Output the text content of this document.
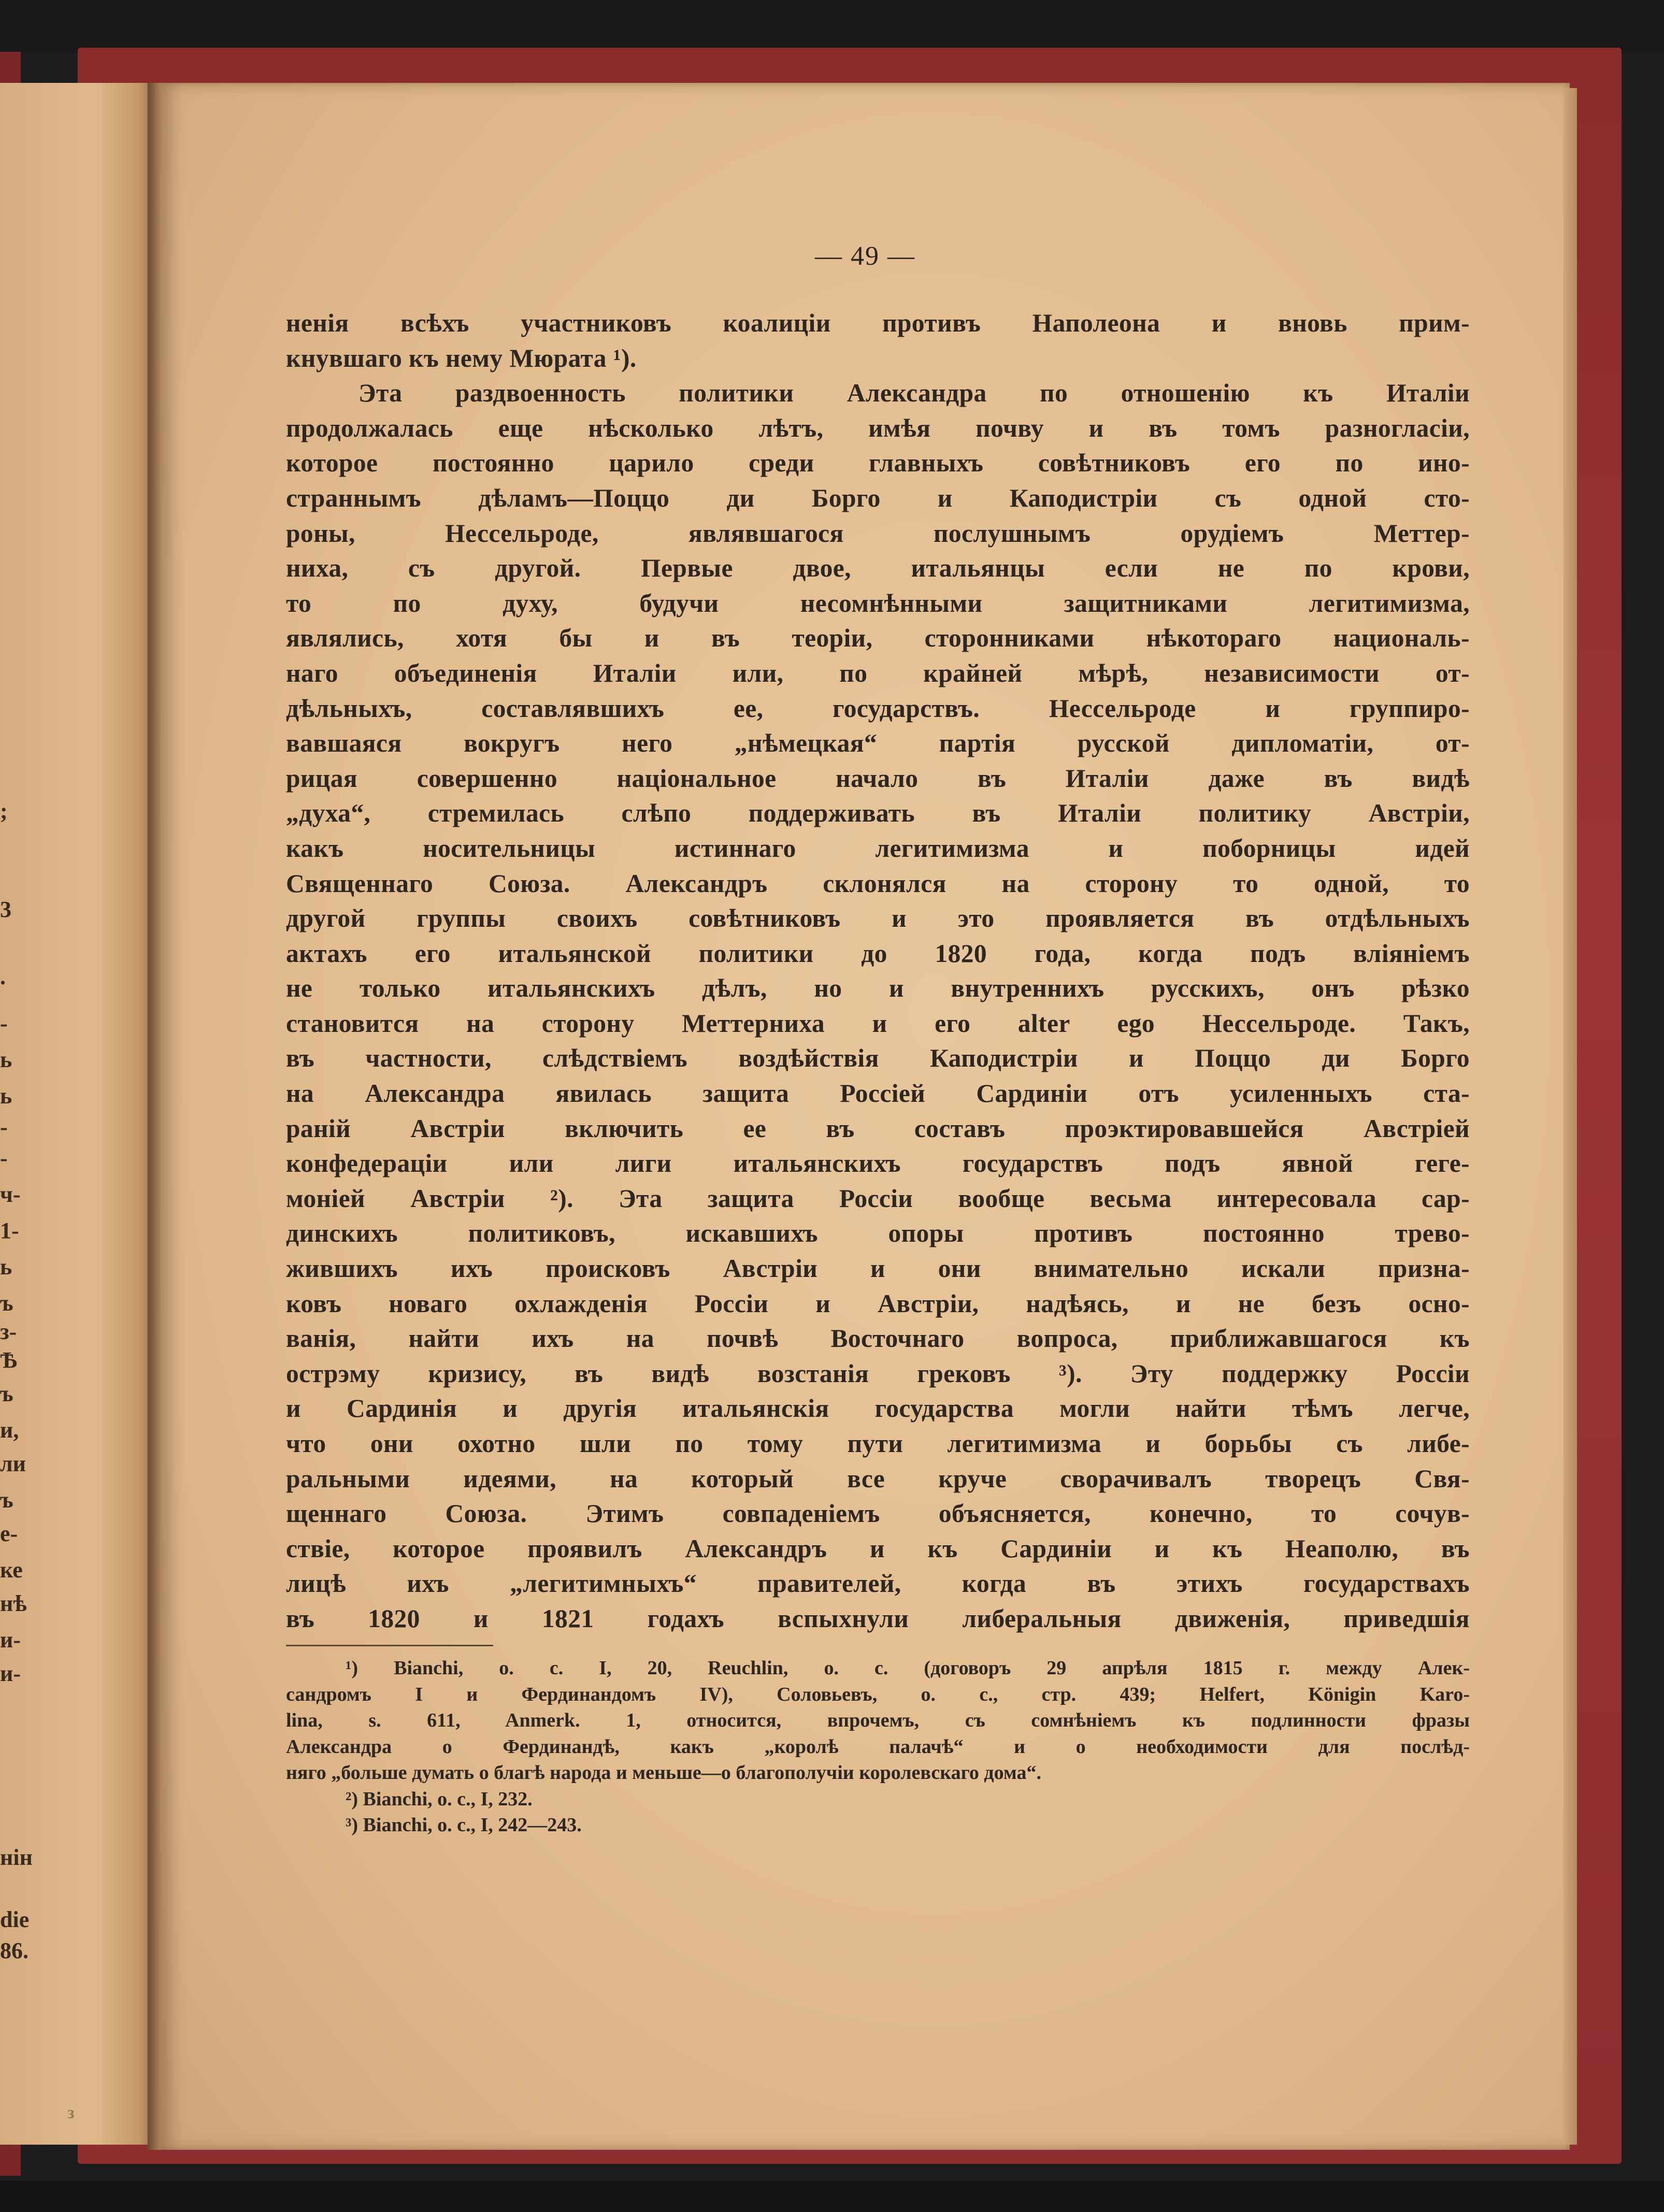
;
3
.
-
ь
-
ь
-
ч-
1-
ь
ъ
з-
Ѣ
ъ
и,
ли
ъ
е-
ке
нѣ
и-
и-
нін
die
86.
з
— 49 —
ненія всѣхъ участниковъ коалиціи противъ Наполеона и вновь прим-
кнувшаго къ нему Мюрата ¹).
Эта раздвоенность политики Александра по отношенію къ Италіи
продолжалась еще нѣсколько лѣтъ, имѣя почву и въ томъ разногласіи,
которое постоянно царило среди главныхъ совѣтниковъ его по ино-
страннымъ дѣламъ—Поццо ди Борго и Каподистріи съ одной сто-
роны, Нессельроде, являвшагося послушнымъ орудіемъ Меттер-
ниха, съ другой. Первые двое, итальянцы если не по крови,
то по духу, будучи несомнѣнными защитниками легитимизма,
являлись, хотя бы и въ теоріи, сторонниками нѣкотораго националь-
наго объединенія Италіи или, по крайней мѣрѣ, независимости от-
дѣльныхъ, составлявшихъ ее, государствъ. Нессельроде и группиро-
вавшаяся вокругъ него „нѣмецкая“ партія русской дипломатіи, от-
рицая совершенно національное начало въ Италіи даже въ видѣ
„духа“, стремилась слѣпо поддерживать въ Италіи политику Австріи,
какъ носительницы истиннаго легитимизма и поборницы идей
Священнаго Союза. Александръ склонялся на сторону то одной, то
другой группы своихъ совѣтниковъ и это проявляется въ отдѣльныхъ
актахъ его итальянской политики до 1820 года, когда подъ вліяніемъ
не только итальянскихъ дѣлъ, но и внутреннихъ русскихъ, онъ рѣзко
становится на сторону Меттерниха и его alter ego Нессельроде. Такъ,
въ частности, слѣдствіемъ воздѣйствія Каподистріи и Поццо ди Борго
на Александра явилась защита Россіей Сардиніи отъ усиленныхъ ста-
раній Австріи включить ее въ составъ проэктировавшейся Австріей
конфедераціи или лиги итальянскихъ государствъ подъ явной геге-
моніей Австріи ²). Эта защита Россіи вообще весьма интересовала сар-
динскихъ политиковъ, искавшихъ опоры противъ постоянно трево-
жившихъ ихъ происковъ Австріи и они внимательно искали призна-
ковъ новаго охлажденія Россіи и Австріи, надѣясь, и не безъ осно-
ванія, найти ихъ на почвѣ Восточнаго вопроса, приближавшагося къ
острэму кризису, въ видѣ возстанія грековъ ³). Эту поддержку Россіи
и Сардинія и другія итальянскія государства могли найти тѣмъ легче,
что они охотно шли по тому пути легитимизма и борьбы съ либе-
ральными идеями, на который все круче сворачивалъ творецъ Свя-
щеннаго Союза. Этимъ совпаденіемъ объясняется, конечно, то сочув-
ствіе, которое проявилъ Александръ и къ Сардиніи и къ Неаполю, въ
лицѣ ихъ „легитимныхъ“ правителей, когда въ этихъ государствахъ
въ 1820 и 1821 годахъ вспыхнули либеральныя движенія, приведшія
¹) Bianchi, o. c. I, 20, Reuchlin, o. c. (договоръ 29 апрѣля 1815 г. между Алек-
сандромъ I и Фердинандомъ IV), Соловьевъ, о. с., стр. 439; Helfert, Königin Karo-
lina, s. 611, Anmerk. 1, относится, впрочемъ, съ сомнѣніемъ къ подлинности фразы
Александра о Фердинандѣ, какъ „королѣ палачѣ“ и о необходимости для послѣд-
няго „больше думать о благѣ народа и меньше—о благополучіи королевскаго дома“.
²) Bianchi, o. c., I, 232.
³) Bianchi, o. c., I, 242—243.
